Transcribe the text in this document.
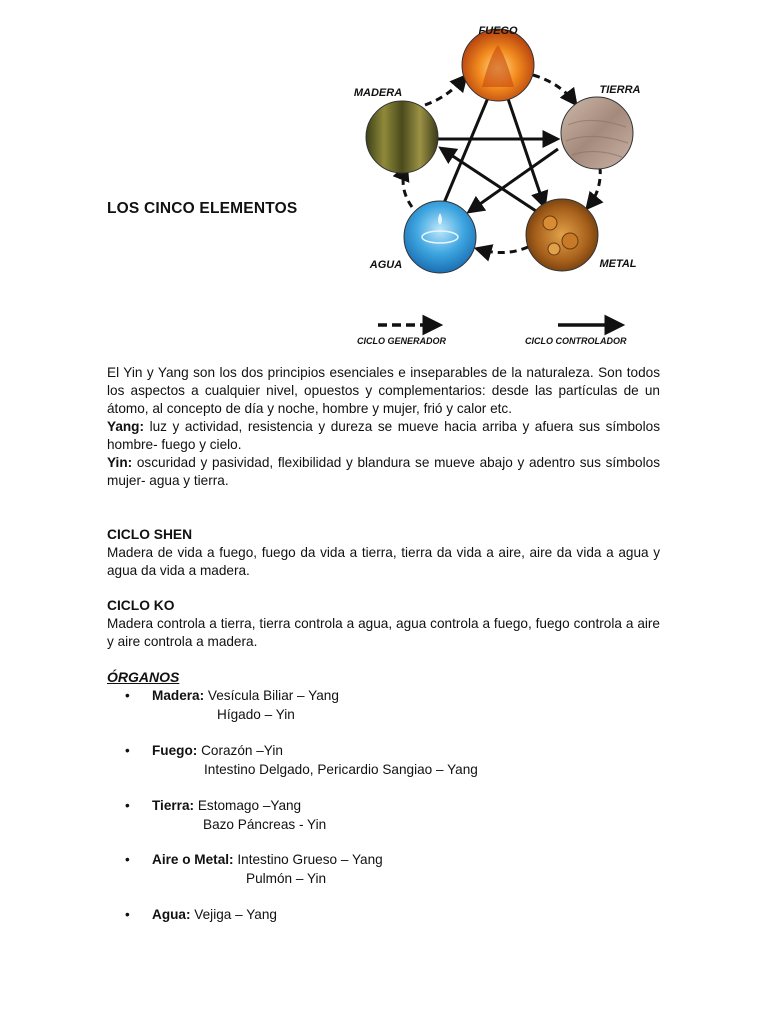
LOS CINCO ELEMENTOS
FUEGO
MADERA	TIERRA
AGUA	METAL
CICLO GENERADOR	CICLO CONTROLADOR

El Yin y Yang son los dos principios esenciales e inseparables de la naturaleza. Son todos los aspectos a cualquier nivel, opuestos y complementarios: desde las partículas de un átomo, al concepto de día y noche, hombre y mujer, frió y calor etc.

Yang: luz y actividad, resistencia y dureza se mueve hacia arriba y afuera sus símbolos hombre- fuego y cielo.

Yin: oscuridad y pasividad, flexibilidad y blandura se mueve abajo y adentro sus símbolos mujer- agua y tierra.

CICLO SHEN

Madera de vida a fuego, fuego da vida a tierra, tierra da vida a aire, aire da vida a agua y agua da vida a madera.

CICLO KO

Madera controla a tierra, tierra controla a agua, agua controla a fuego, fuego controla a aire y aire controla a madera.

ÓRGANOS

• Madera: Vesícula Biliar – Yang
Hígado – Yin
• Fuego: Corazón –Yin
Intestino Delgado, Pericardio Sangiao – Yang
• Tierra: Estomago –Yang
Bazo Páncreas - Yin
• Aire o Metal: Intestino Grueso – Yang
Pulmón – Yin
• Agua: Vejiga – Yang
